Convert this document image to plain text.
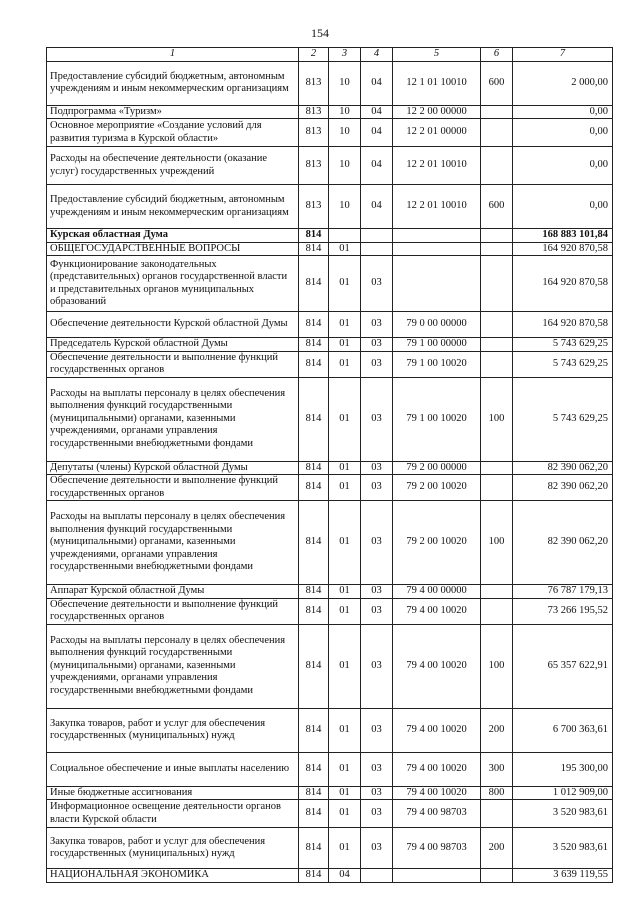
154
1	2	3	4	5	6	7
Предоставление субсидий бюджетным, автономным учреждениям и иным некоммерческим организациям	813	10	04	12 1 01 10010	600	2 000,00
Подпрограмма «Туризм»	813	10	04	12 2 00 00000		0,00
Основное мероприятие «Создание условий для развития туризма в Курской области»	813	10	04	12 2 01 00000		0,00
Расходы на обеспечение деятельности (оказание услуг) государственных учреждений	813	10	04	12 2 01 10010		0,00
Предоставление субсидий бюджетным, автономным учреждениям и иным некоммерческим организациям	813	10	04	12 2 01 10010	600	0,00
Курская областная Дума	814					168 883 101,84
ОБЩЕГОСУДАРСТВЕННЫЕ ВОПРОСЫ	814	01				164 920 870,58
Функционирование законодательных (представительных) органов государственной власти и представительных органов муниципальных образований	814	01	03			164 920 870,58
Обеспечение деятельности Курской областной Думы	814	01	03	79 0 00 00000		164 920 870,58
Председатель Курской областной Думы	814	01	03	79 1 00 00000		5 743 629,25
Обеспечение деятельности и выполнение функций государственных органов	814	01	03	79 1 00 10020		5 743 629,25
Расходы на выплаты персоналу в целях обеспечения выполнения функций государственными (муниципальными) органами, казенными учреждениями, органами управления государственными внебюджетными фондами	814	01	03	79 1 00 10020	100	5 743 629,25
Депутаты (члены) Курской областной Думы	814	01	03	79 2 00 00000		82 390 062,20
Обеспечение деятельности и выполнение функций государственных органов	814	01	03	79 2 00 10020		82 390 062,20
Расходы на выплаты персоналу в целях обеспечения выполнения функций государственными (муниципальными) органами, казенными учреждениями, органами управления государственными внебюджетными фондами	814	01	03	79 2 00 10020	100	82 390 062,20
Аппарат Курской областной Думы	814	01	03	79 4 00 00000		76 787 179,13
Обеспечение деятельности и выполнение функций государственных органов	814	01	03	79 4 00 10020		73 266 195,52
Расходы на выплаты персоналу в целях обеспечения выполнения функций государственными (муниципальными) органами, казенными учреждениями, органами управления государственными внебюджетными фондами	814	01	03	79 4 00 10020	100	65 357 622,91
Закупка товаров, работ и услуг для обеспечения государственных (муниципальных) нужд	814	01	03	79 4 00 10020	200	6 700 363,61
Социальное обеспечение и иные выплаты населению	814	01	03	79 4 00 10020	300	195 300,00
Иные бюджетные ассигнования	814	01	03	79 4 00 10020	800	1 012 909,00
Информационное освещение деятельности органов власти Курской области	814	01	03	79 4 00 98703		3 520 983,61
Закупка товаров, работ и услуг для обеспечения государственных (муниципальных) нужд	814	01	03	79 4 00 98703	200	3 520 983,61
НАЦИОНАЛЬНАЯ ЭКОНОМИКА	814	04				3 639 119,55
